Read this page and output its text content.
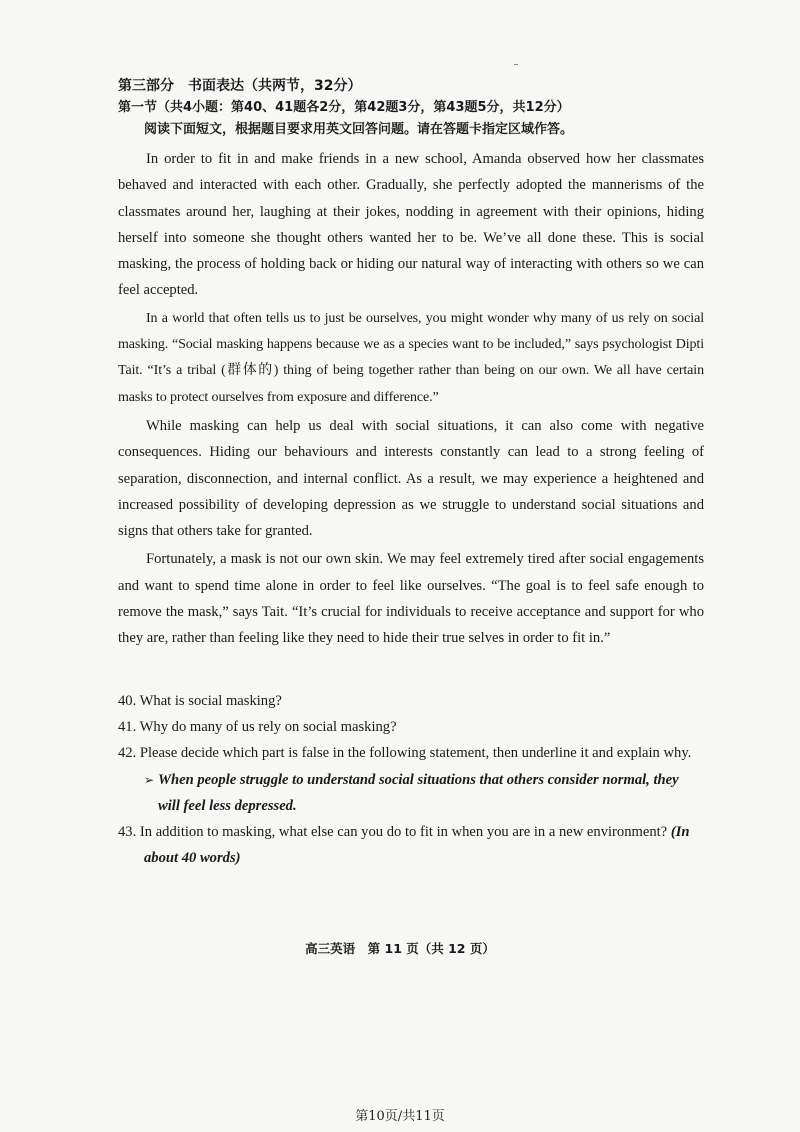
第三部分　书面表达（共两节，32分）
第一节（共4小题：第40、41题各2分，第42题3分，第43题5分，共12分）
阅读下面短文，根据题目要求用英文回答问题。请在答题卡指定区域作答。

In order to fit in and make friends in a new school, Amanda observed how her classmates behaved and interacted with each other. Gradually, she perfectly adopted the mannerisms of the classmates around her, laughing at their jokes, nodding in agreement with their opinions, hiding herself into someone she thought others wanted her to be. We’ve all done these. This is social masking, the process of holding back or hiding our natural way of interacting with others so we can feel accepted.

In a world that often tells us to just be ourselves, you might wonder why many of us rely on social masking. “Social masking happens because we as a species want to be included,” says psychologist Dipti Tait. “It’s a tribal (群体的) thing of being together rather than being on our own. We all have certain masks to protect ourselves from exposure and difference.”

While masking can help us deal with social situations, it can also come with negative consequences. Hiding our behaviours and interests constantly can lead to a strong feeling of separation, disconnection, and internal conflict. As a result, we may experience a heightened and increased possibility of developing depression as we struggle to understand social situations and signs that others take for granted.

Fortunately, a mask is not our own skin. We may feel extremely tired after social engagements and want to spend time alone in order to feel like ourselves. “The goal is to feel safe enough to remove the mask,” says Tait. “It’s crucial for individuals to receive acceptance and support for who they are, rather than feeling like they need to hide their true selves in order to fit in.”

40. What is social masking?

41. Why do many of us rely on social masking?

42. Please decide which part is false in the following statement, then underline it and explain why.

➢ When people struggle to understand social situations that others consider normal, they will feel less depressed.

43. In addition to masking, what else can you do to fit in when you are in a new environment? (In about 40 words)

高三英语　第 11 页（共 12 页）
第10页/共11页
